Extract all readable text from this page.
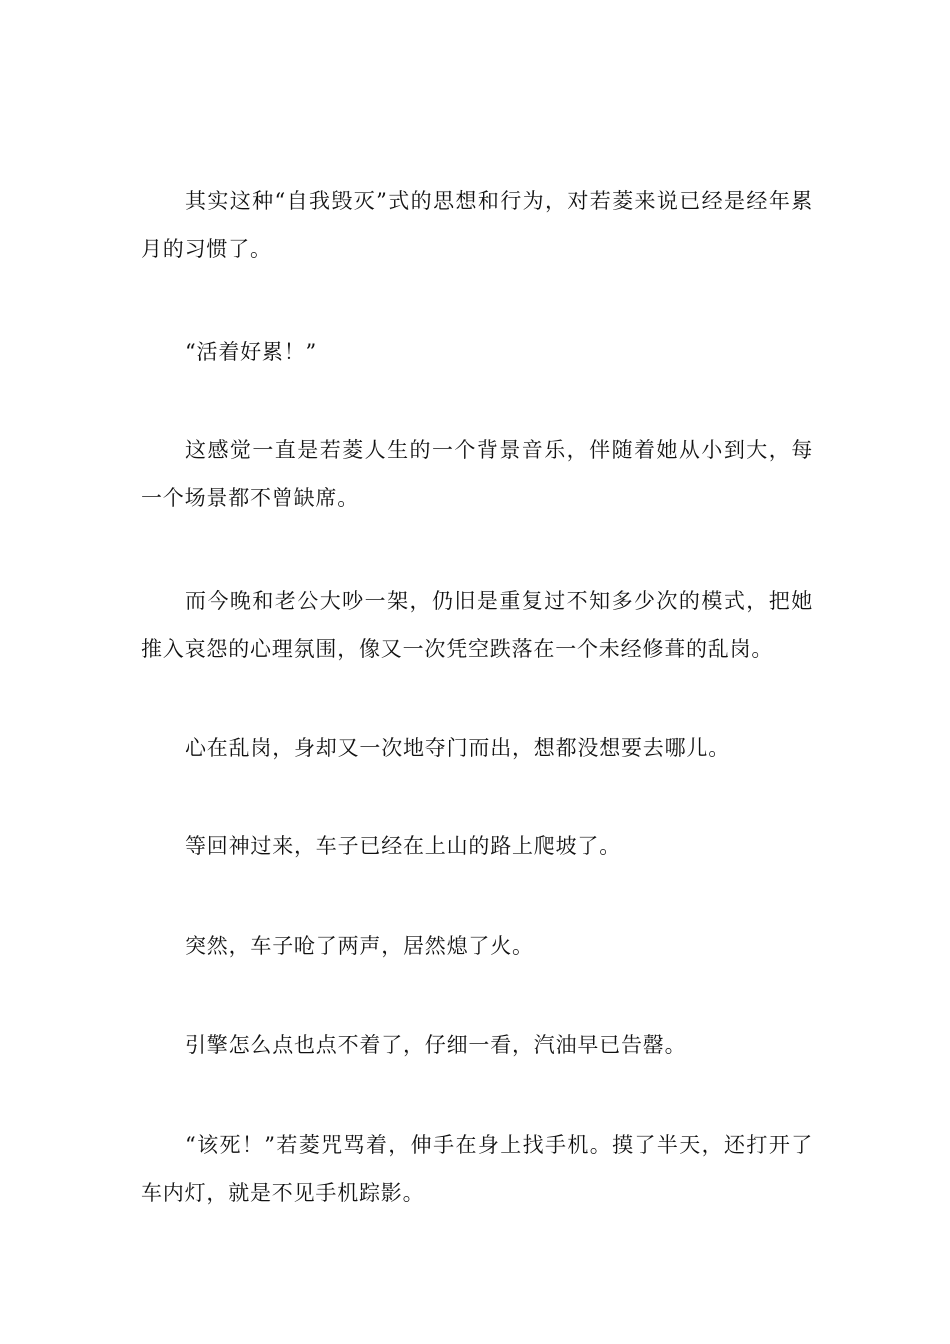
其实这种“自我毁灭”式的思想和行为，对若菱来说已经是经年累月的习惯了。

“活着好累！”

这感觉一直是若菱人生的一个背景音乐，伴随着她从小到大，每一个场景都不曾缺席。

而今晚和老公大吵一架，仍旧是重复过不知多少次的模式，把她推入哀怨的心理氛围，像又一次凭空跌落在一个未经修葺的乱岗。

心在乱岗，身却又一次地夺门而出，想都没想要去哪儿。

等回神过来，车子已经在上山的路上爬坡了。

突然，车子呛了两声，居然熄了火。

引擎怎么点也点不着了，仔细一看，汽油早已告罄。

“该死！”若菱咒骂着，伸手在身上找手机。摸了半天，还打开了车内灯，就是不见手机踪影。
